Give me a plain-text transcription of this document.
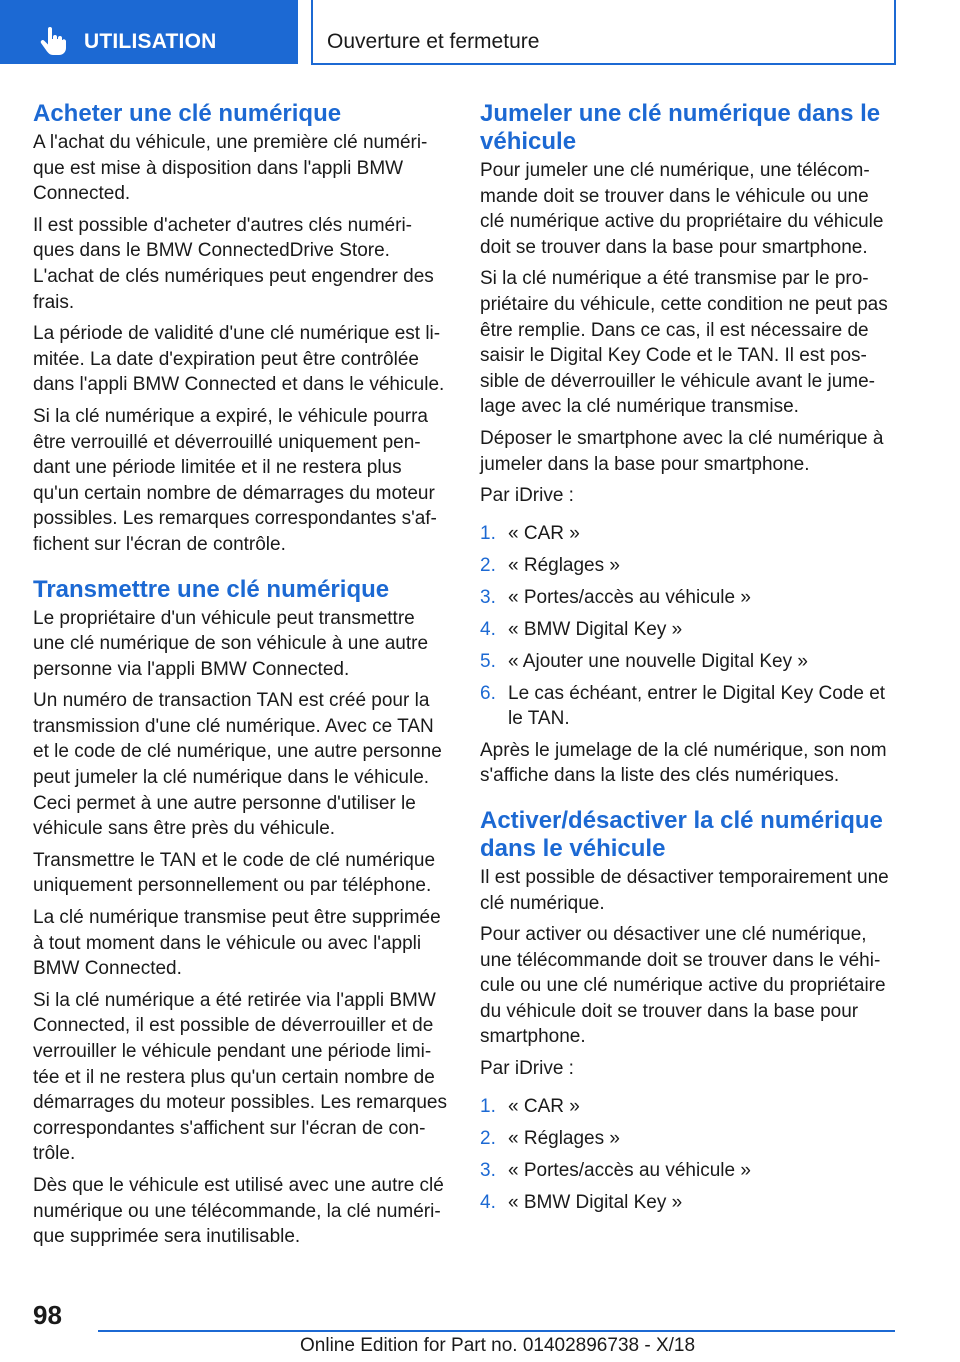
UTILISATION	Ouverture et fermeture
Acheter une clé numérique

A l'achat du véhicule, une première clé numéri-que est mise à disposition dans l'appli BMW Connected.

Il est possible d'acheter d'autres clés numéri-ques dans le BMW ConnectedDrive Store. L'achat de clés numériques peut engendrer des frais.

La période de validité d'une clé numérique est li-mitée. La date d'expiration peut être contrôlée dans l'appli BMW Connected et dans le véhicule.

Si la clé numérique a expiré, le véhicule pourra être verrouillé et déverrouillé uniquement pen-dant une période limitée et il ne restera plus qu'un certain nombre de démarrages du moteur possibles. Les remarques correspondantes s'af-fichent sur l'écran de contrôle.

Transmettre une clé numérique

Le propriétaire d'un véhicule peut transmettre une clé numérique de son véhicule à une autre personne via l'appli BMW Connected.

Un numéro de transaction TAN est créé pour la transmission d'une clé numérique. Avec ce TAN et le code de clé numérique, une autre personne peut jumeler la clé numérique dans le véhicule. Ceci permet à une autre personne d'utiliser le véhicule sans être près du véhicule.

Transmettre le TAN et le code de clé numérique uniquement personnellement ou par téléphone.

La clé numérique transmise peut être supprimée à tout moment dans le véhicule ou avec l'appli BMW Connected.

Si la clé numérique a été retirée via l'appli BMW Connected, il est possible de déverrouiller et de verrouiller le véhicule pendant une période limi-tée et il ne restera plus qu'un certain nombre de démarrages du moteur possibles. Les remarques correspondantes s'affichent sur l'écran de con-trôle.

Dès que le véhicule est utilisé avec une autre clé numérique ou une télécommande, la clé numéri-que supprimée sera inutilisable.

Jumeler une clé numérique dans le véhicule

Pour jumeler une clé numérique, une télécom-mande doit se trouver dans le véhicule ou une clé numérique active du propriétaire du véhicule doit se trouver dans la base pour smartphone.

Si la clé numérique a été transmise par le pro-priétaire du véhicule, cette condition ne peut pas être remplie. Dans ce cas, il est nécessaire de saisir le Digital Key Code et le TAN. Il est pos-sible de déverrouiller le véhicule avant le jume-lage avec la clé numérique transmise.

Déposer le smartphone avec la clé numérique à jumeler dans la base pour smartphone.

Par iDrive :

1. « CAR »
2. « Réglages »
3. « Portes/accès au véhicule »
4. « BMW Digital Key »
5. « Ajouter une nouvelle Digital Key »
6. Le cas échéant, entrer le Digital Key Code et le TAN.

Après le jumelage de la clé numérique, son nom s'affiche dans la liste des clés numériques.

Activer/désactiver la clé numérique dans le véhicule

Il est possible de désactiver temporairement une clé numérique.

Pour activer ou désactiver une clé numérique, une télécommande doit se trouver dans le véhi-cule ou une clé numérique active du propriétaire du véhicule doit se trouver dans la base pour smartphone.

Par iDrive :

1. « CAR »
2. « Réglages »
3. « Portes/accès au véhicule »
4. « BMW Digital Key »
98
Online Edition for Part no. 01402896738 - X/18
